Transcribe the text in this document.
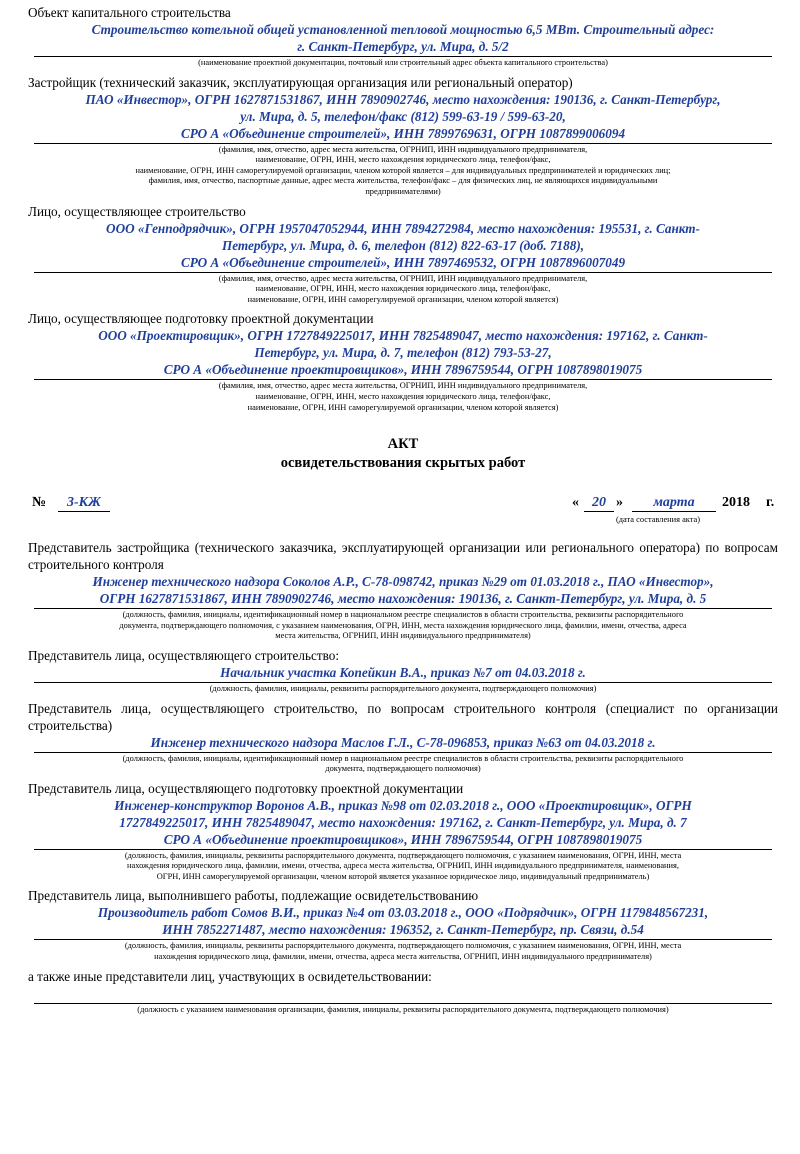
Объект капитального строительства

Строительство котельной общей установленной тепловой мощностью 6,5 МВт. Строительный адрес:
г. Санкт-Петербург, ул. Мира, д. 5/2
(наименование проектной документации, почтовый или строительный адрес объекта капитального строительства)

Застройщик (технический заказчик, эксплуатирующая организация или региональный оператор)

ПАО «Инвестор», ОГРН 1627871531867, ИНН 7890902746, место нахождения: 190136, г. Санкт-Петербург,
ул. Мира, д. 5, телефон/факс (812) 599-63-19 / 599-63-20,
СРО А «Объединение строителей», ИНН 7899769631, ОГРН 1087899006094
(фамилия, имя, отчество, адрес места жительства, ОГРНИП, ИНН индивидуального предпринимателя,
наименование, ОГРН, ИНН, место нахождения юридического лица, телефон/факс,
наименование, ОГРН, ИНН саморегулируемой организации, членом которой является – для индивидуальных предпринимателей и юридических лиц;
фамилия, имя, отчество, паспортные данные, адрес места жительства, телефон/факс – для физических лиц, не являющихся индивидуальными
предпринимателями)

Лицо, осуществляющее строительство

ООО «Генподрядчик», ОГРН 1957047052944, ИНН 7894272984, место нахождения: 195531, г. Санкт-
Петербург, ул. Мира, д. 6, телефон (812) 822-63-17 (доб. 7188),
СРО А «Объединение строителей», ИНН 7897469532, ОГРН 1087896007049
(фамилия, имя, отчество, адрес места жительства, ОГРНИП, ИНН индивидуального предпринимателя,
наименование, ОГРН, ИНН, место нахождения юридического лица, телефон/факс,
наименование, ОГРН, ИНН саморегулируемой организации, членом которой является)

Лицо, осуществляющее подготовку проектной документации

ООО «Проектировщик», ОГРН 1727849225017, ИНН 7825489047, место нахождения: 197162, г. Санкт-
Петербург, ул. Мира, д. 7, телефон (812) 793-53-27,
СРО А «Объединение проектировщиков», ИНН 7896759544, ОГРН 1087898019075
(фамилия, имя, отчество, адрес места жительства, ОГРНИП, ИНН индивидуального предпринимателя,
наименование, ОГРН, ИНН, место нахождения юридического лица, телефон/факс,
наименование, ОГРН, ИНН саморегулируемой организации, членом которой является)
АКТ
освидетельствования скрытых работ
№	3-КЖ	« 20 »	марта	2018 г.
(дата составления акта)

Представитель застройщика (технического заказчика, эксплуатирующей организации или регионального оператора) по вопросам строительного контроля

Инженер технического надзора Соколов А.Р., С-78-098742, приказ №29 от 01.03.2018 г., ПАО «Инвестор»,
ОГРН 1627871531867, ИНН 7890902746, место нахождения: 190136, г. Санкт-Петербург, ул. Мира, д. 5
(должность, фамилия, инициалы, идентификационный номер в национальном реестре специалистов в области строительства, реквизиты распорядительного
документа, подтверждающего полномочия, с указанием наименования, ОГРН, ИНН, места нахождения юридического лица, фамилии, имени, отчества, адреса
места жительства, ОГРНИП, ИНН индивидуального предпринимателя)

Представитель лица, осуществляющего строительство:

Начальник участка Копейкин В.А., приказ №7 от 04.03.2018 г.
(должность, фамилия, инициалы, реквизиты распорядительного документа, подтверждающего полномочия)

Представитель лица, осуществляющего строительство, по вопросам строительного контроля (специалист по организации строительства)

Инженер технического надзора Маслов Г.Л., С-78-096853, приказ №63 от 04.03.2018 г.
(должность, фамилия, инициалы, идентификационный номер в национальном реестре специалистов в области строительства, реквизиты распорядительного
документа, подтверждающего полномочия)

Представитель лица, осуществляющего подготовку проектной документации

Инженер-конструктор Воронов А.В., приказ №98 от 02.03.2018 г., ООО «Проектировщик», ОГРН
1727849225017, ИНН 7825489047, место нахождения: 197162, г. Санкт-Петербург, ул. Мира, д. 7
СРО А «Объединение проектировщиков», ИНН 7896759544, ОГРН 1087898019075
(должность, фамилия, инициалы, реквизиты распорядительного документа, подтверждающего полномочия, с указанием наименования, ОГРН, ИНН, места
нахождения юридического лица, фамилии, имени, отчества, адреса места жительства, ОГРНИП, ИНН индивидуального предпринимателя, наименования,
ОГРН, ИНН саморегулируемой организации, членом которой является указанное юридическое лицо, индивидуальный предприниматель)

Представитель лица, выполнившего работы, подлежащие освидетельствованию

Производитель работ Сомов В.И., приказ №4 от 03.03.2018 г., ООО «Подрядчик», ОГРН 1179848567231,
ИНН 7852271487, место нахождения: 196352, г. Санкт-Петербург, пр. Связи, д.54
(должность, фамилия, инициалы, реквизиты распорядительного документа, подтверждающего полномочия, с указанием наименования, ОГРН, ИНН, места
нахождения юридического лица, фамилии, имени, отчества, адреса места жительства, ОГРНИП, ИНН индивидуального предпринимателя)

а также иные представители лиц, участвующих в освидетельствовании:

(должность с указанием наименования организации, фамилия, инициалы, реквизиты распорядительного документа, подтверждающего полномочия)
